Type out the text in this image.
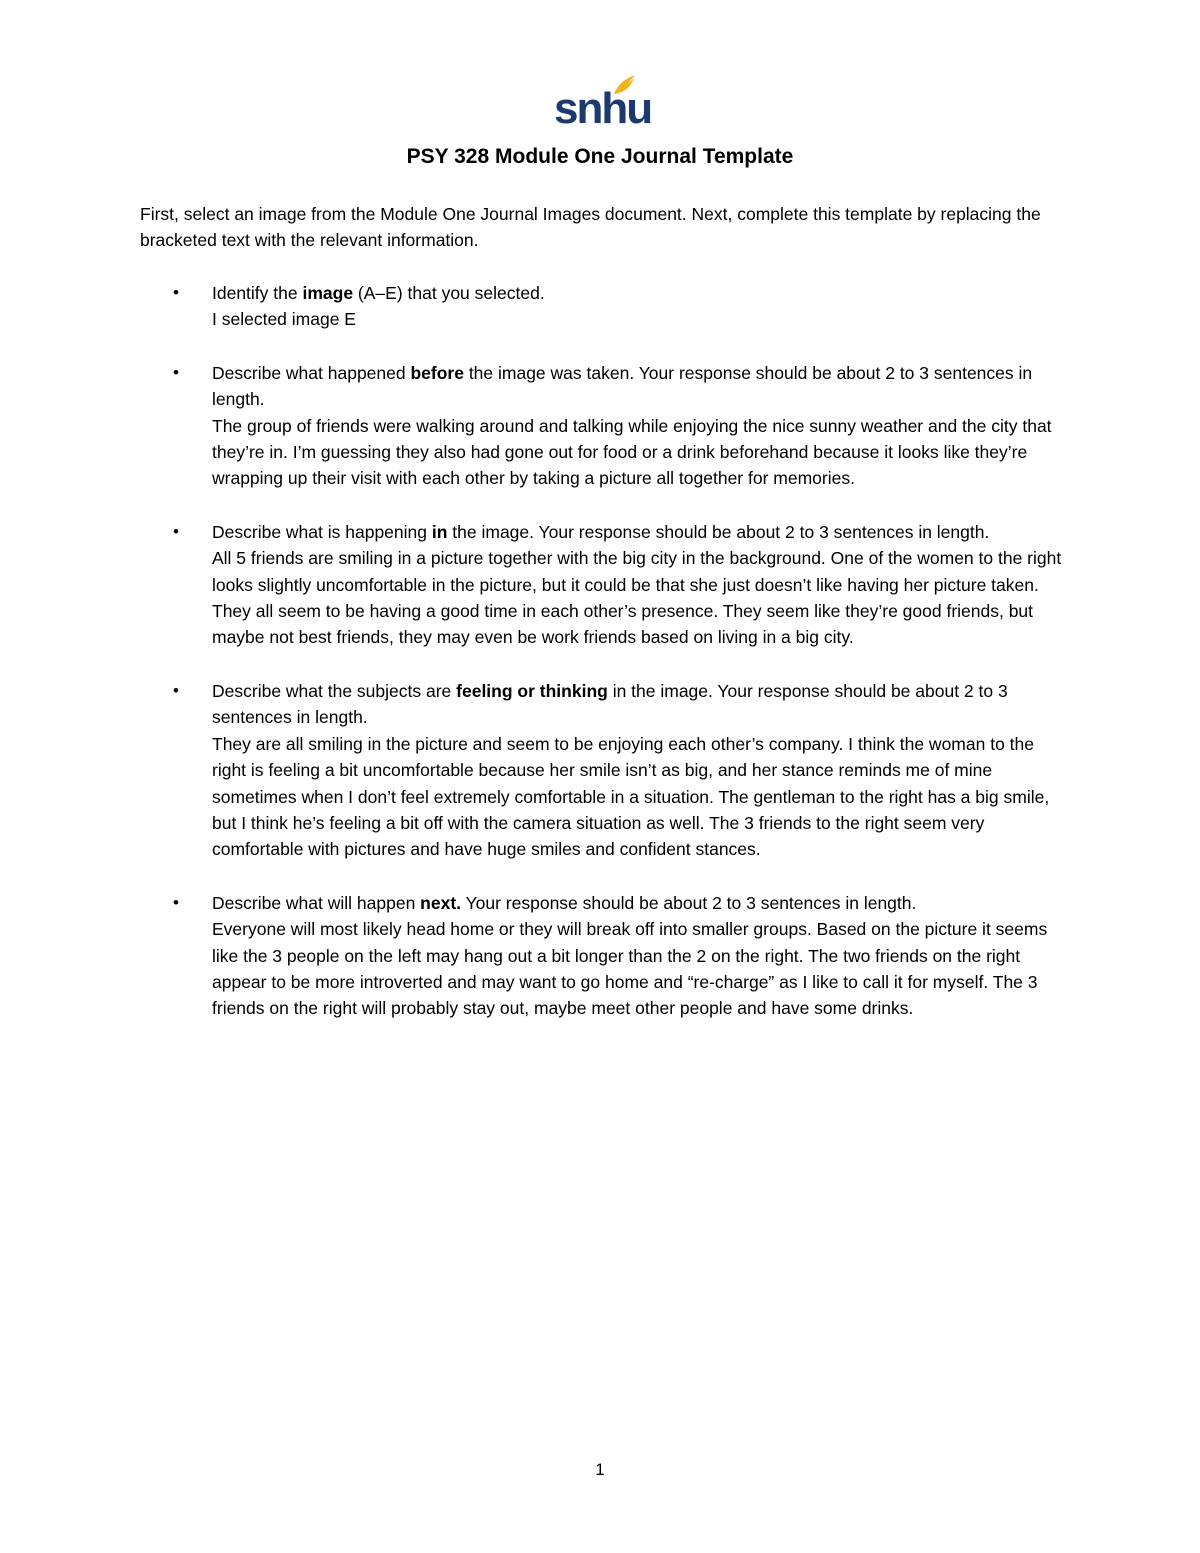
snhu
PSY 328 Module One Journal Template
First, select an image from the Module One Journal Images document. Next, complete this template by replacing the bracketed text with the relevant information.
• Identify the image (A–E) that you selected.
I selected image E
• Describe what happened before the image was taken. Your response should be about 2 to 3 sentences in length.
The group of friends were walking around and talking while enjoying the nice sunny weather and the city that they’re in. I’m guessing they also had gone out for food or a drink beforehand because it looks like they’re wrapping up their visit with each other by taking a picture all together for memories.
• Describe what is happening in the image. Your response should be about 2 to 3 sentences in length.
All 5 friends are smiling in a picture together with the big city in the background. One of the women to the right looks slightly uncomfortable in the picture, but it could be that she just doesn’t like having her picture taken. They all seem to be having a good time in each other’s presence. They seem like they’re good friends, but maybe not best friends, they may even be work friends based on living in a big city.
• Describe what the subjects are feeling or thinking in the image. Your response should be about 2 to 3 sentences in length.
They are all smiling in the picture and seem to be enjoying each other’s company. I think the woman to the right is feeling a bit uncomfortable because her smile isn’t as big, and her stance reminds me of mine sometimes when I don’t feel extremely comfortable in a situation. The gentleman to the right has a big smile, but I think he’s feeling a bit off with the camera situation as well. The 3 friends to the right seem very comfortable with pictures and have huge smiles and confident stances.
• Describe what will happen next. Your response should be about 2 to 3 sentences in length.
Everyone will most likely head home or they will break off into smaller groups. Based on the picture it seems like the 3 people on the left may hang out a bit longer than the 2 on the right. The two friends on the right appear to be more introverted and may want to go home and “re-charge” as I like to call it for myself. The 3 friends on the right will probably stay out, maybe meet other people and have some drinks.
1
